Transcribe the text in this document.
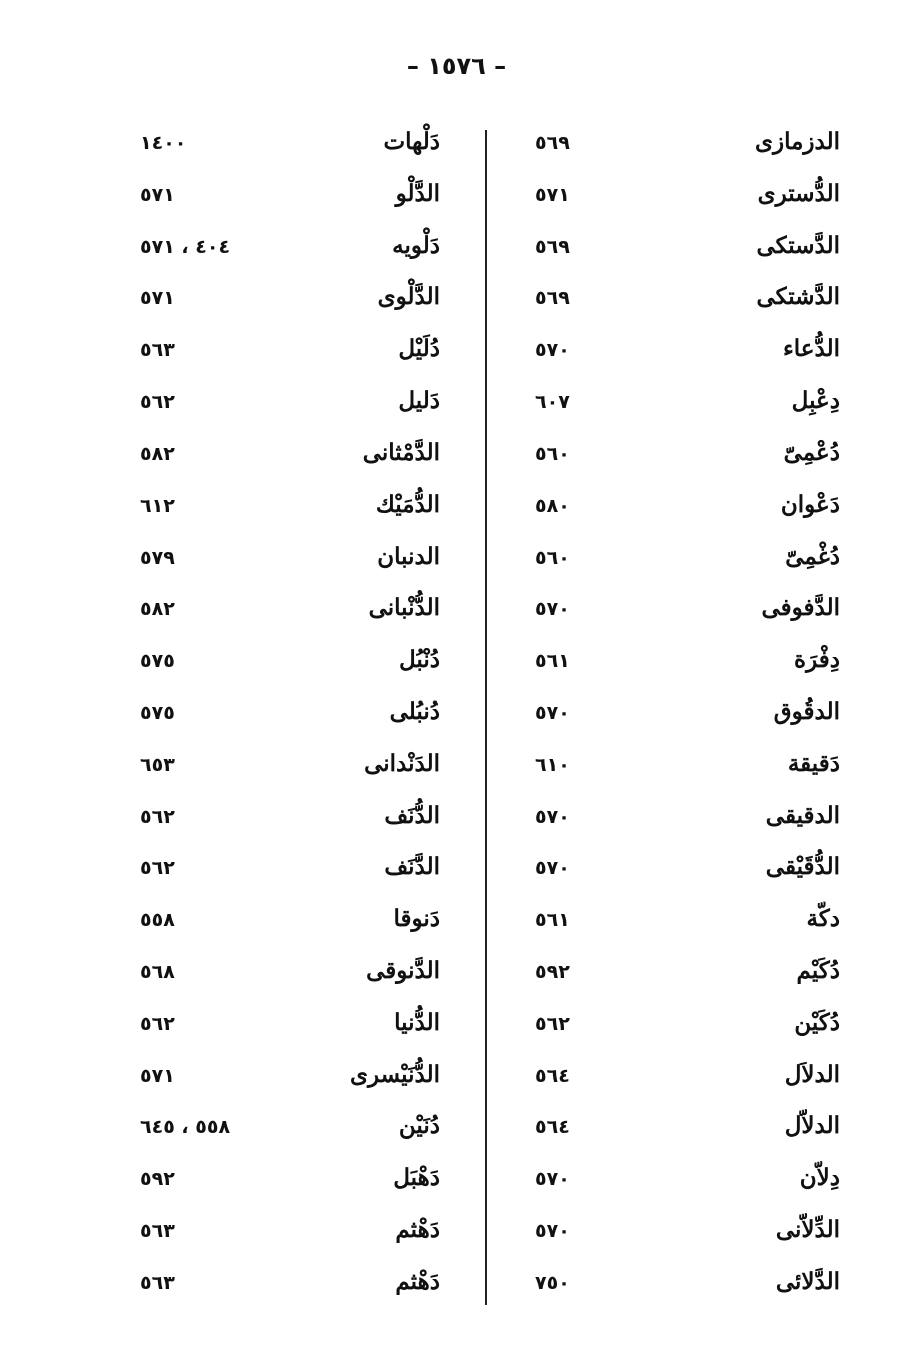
– ١٥٧٦ –
الدزمازی
٥٦٩
الدُّستری
٥٧١
الدَّستکی
٥٦٩
الدَّشتکی
٥٦٩
الدُّعاء
٥٧٠
دِعْبِل
٦٠٧
دُعْمِیّ
٥٦٠
دَعْوان
٥٨٠
دُغْمِیّ
٥٦٠
الدَّفوفی
٥٧٠
دِفْرَة
٥٦١
الدقُوق
٥٧٠
دَقیقة
٦١٠
الدقیقی
٥٧٠
الدُّقَیْقی
٥٧٠
دکّة
٥٦١
دُکَیْم
٥٩٢
دُکَیْن
٥٦٢
الدلاَل
٥٦٤
الدلاّل
٥٦٤
دِلاّن
٥٧٠
الدِّلاّنی
٥٧٠
الدَّلائی
٧٥٠
دَلْهات
١٤٠٠
الدَّلْو
٥٧١
دَلْویه
٤٠٤ ، ٥٧١
الدَّلْوی
٥٧١
دُلَیْل
٥٦٣
دَلیل
٥٦٢
الدَّمْثانی
٥٨٢
الدُّمَیْك
٦١٢
الدنبان
٥٧٩
الدُّنْبانی
٥٨٢
دُنْبُل
٥٧٥
دُنبُلی
٥٧٥
الدَنْدانی
٦٥٣
الدُّنَف
٥٦٢
الدَّنَف
٥٦٢
دَنوقا
٥٥٨
الدَّنوقی
٥٦٨
الدُّنیا
٥٦٢
الدُّنَیْسری
٥٧١
دُنَیْن
٥٥٨ ، ٦٤٥
دَهْبَل
٥٩٢
دَهْثم
٥٦٣
دَهْثم
٥٦٣
